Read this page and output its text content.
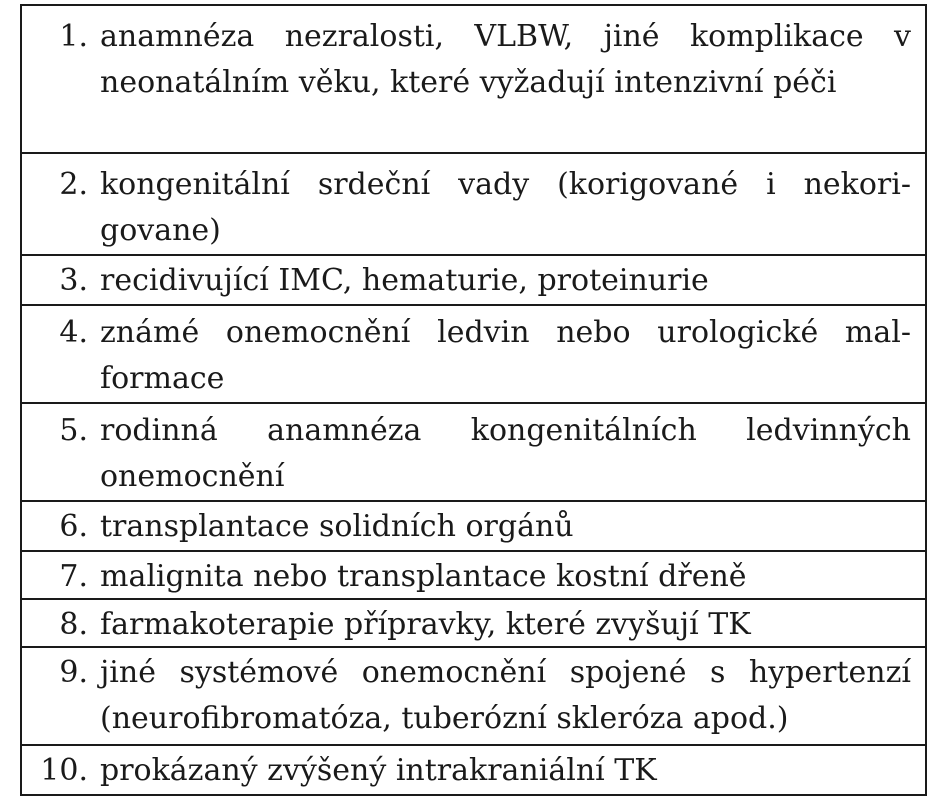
1. anamnéza nezralosti, VLBW, jiné komplikace v neonatálním věku, které vyžadují intenzivní péči
2. kongenitální srdeční vady (korigované i nekori-govane)
3. recidivující IMC, hematurie, proteinurie
4. známé onemocnění ledvin nebo urologické mal-formace
5. rodinná anamnéza kongenitálních ledvinných onemocnění
6. transplantace solidních orgánů
7. malignita nebo transplantace kostní dřeně
8. farmakoterapie přípravky, které zvyšují TK
9. jiné systémové onemocnění spojené s hypertenzí (neurofibromatóza, tuberózní skleróza apod.)
10. prokázaný zvýšený intrakraniální TK
